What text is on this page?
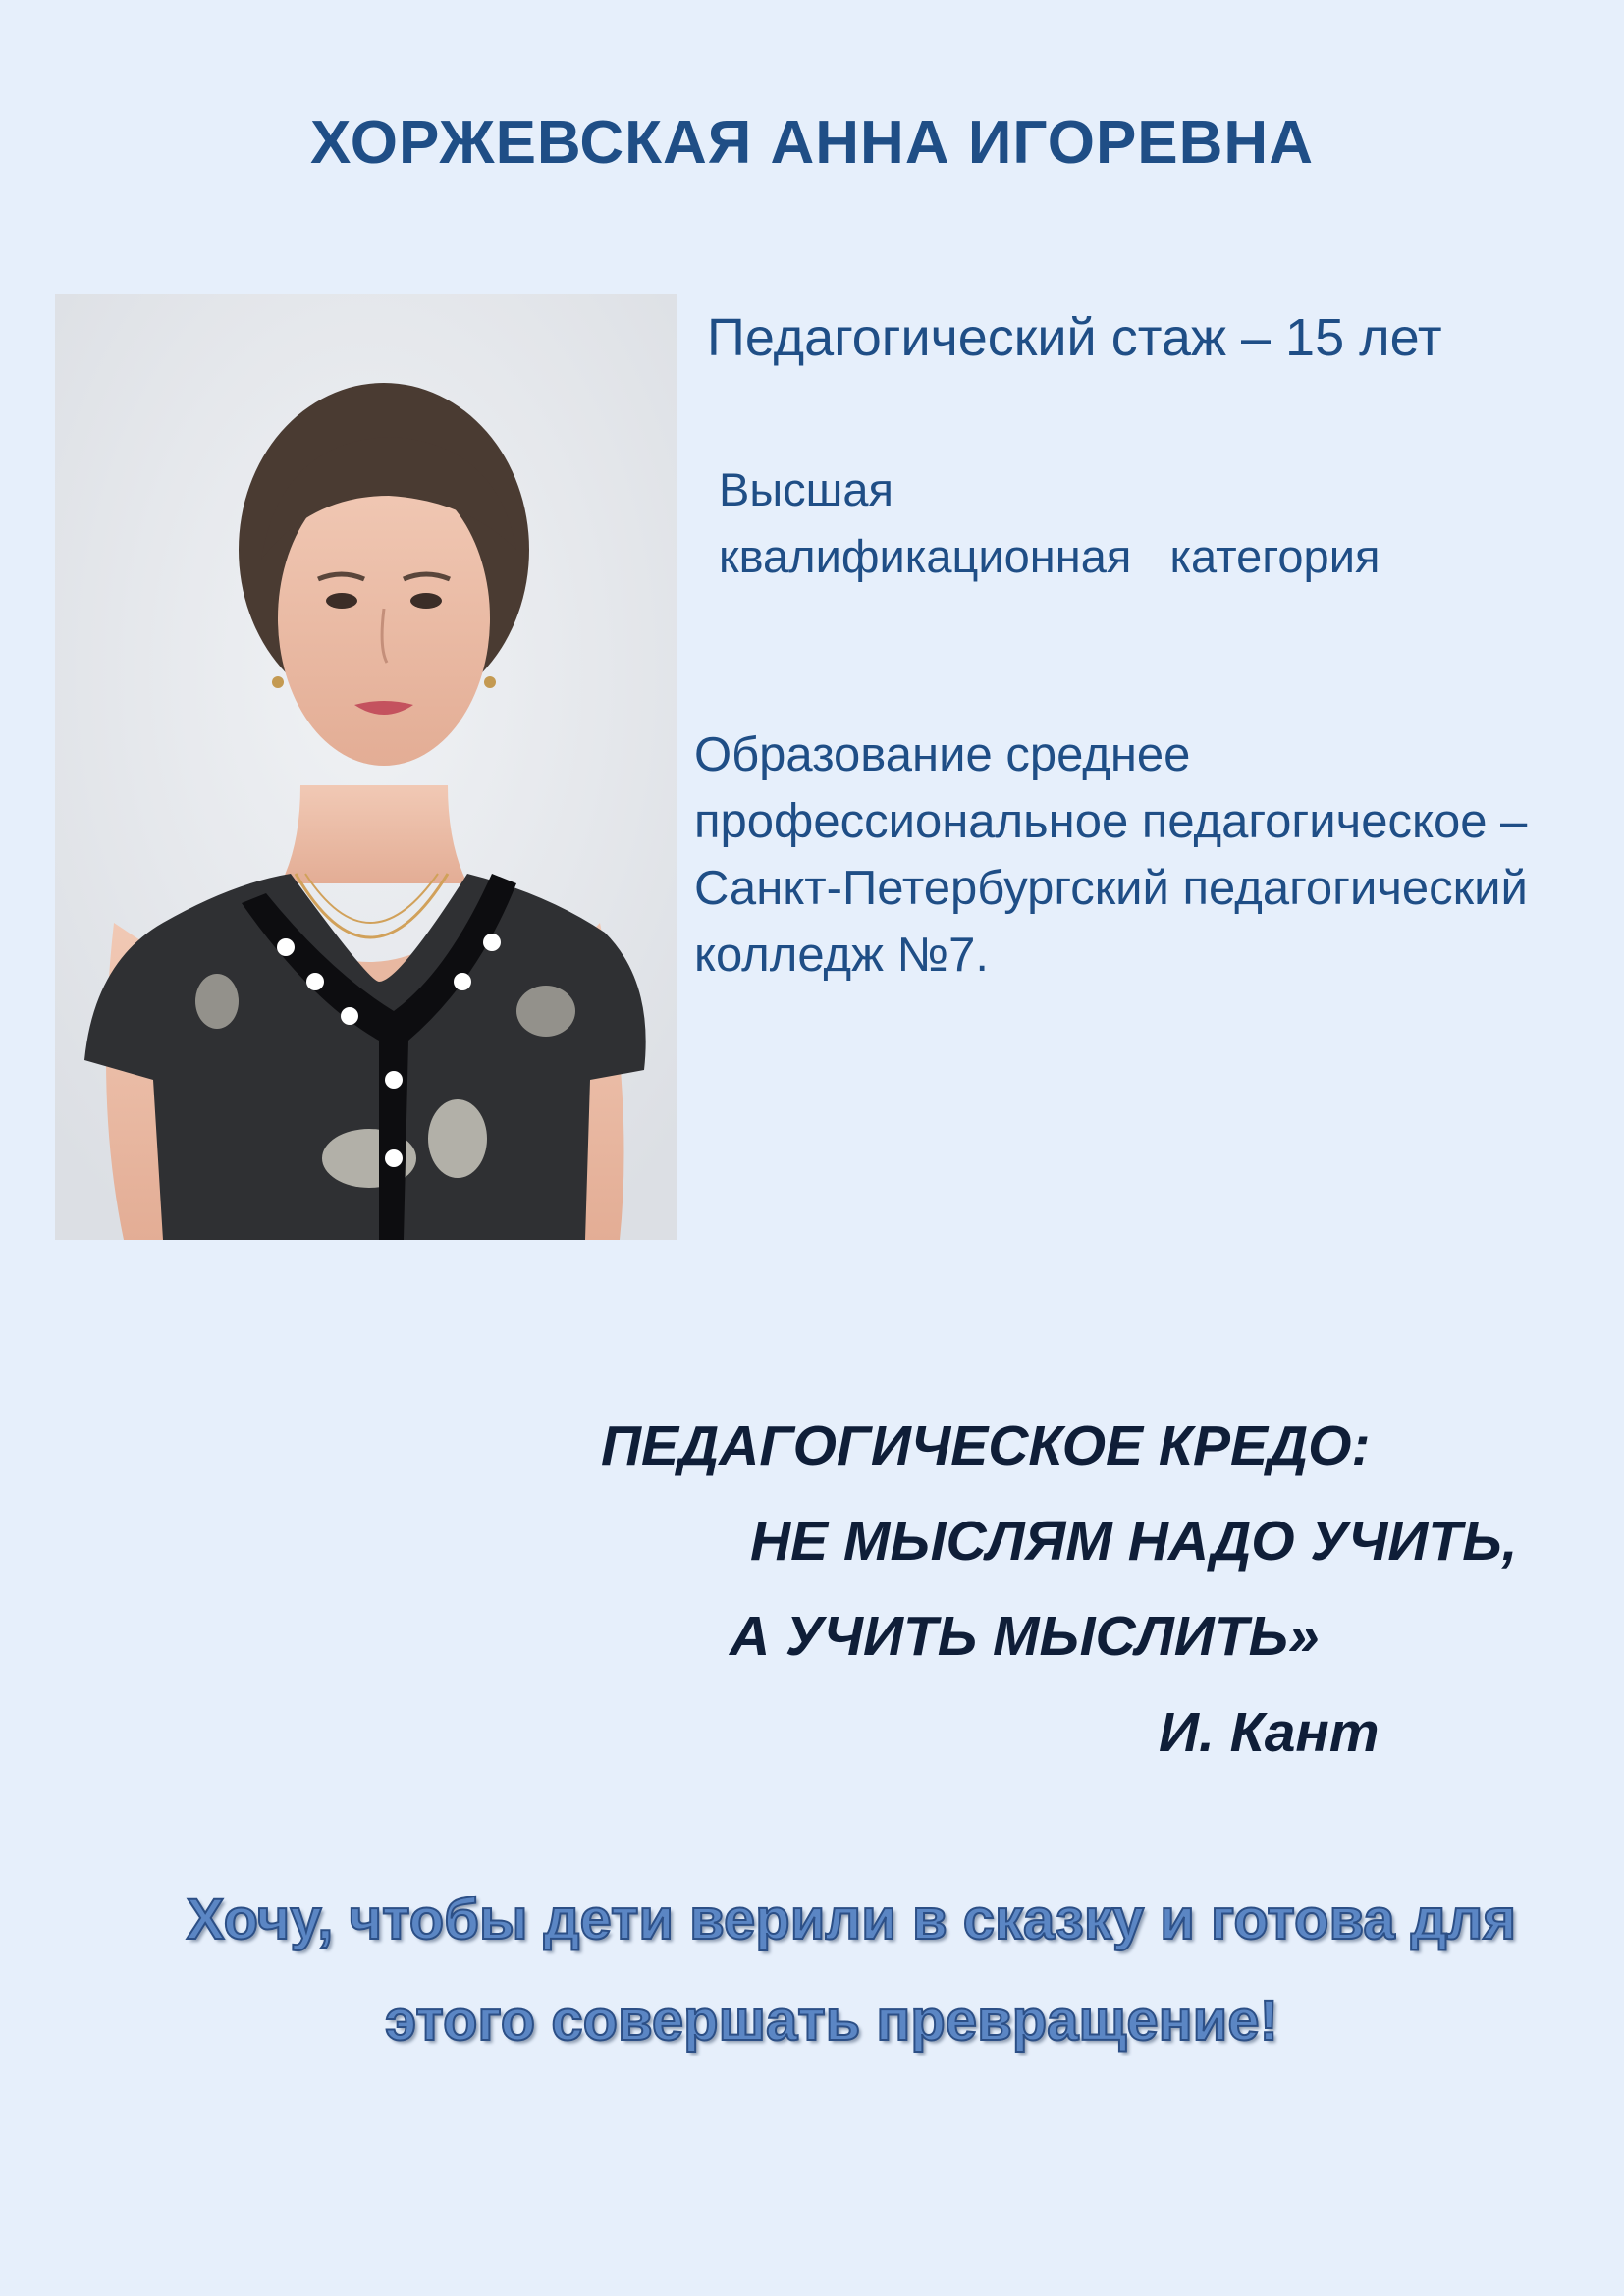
ХОРЖЕВСКАЯ АННА ИГОРЕВНА
Педагогический стаж – 15 лет
Высшая
квалификационная   категория
Образование среднее
профессиональное педагогическое –
Санкт-Петербургский педагогический
колледж №7.
ПЕДАГОГИЧЕСКОЕ КРЕДО:
НЕ МЫСЛЯМ НАДО УЧИТЬ,
А УЧИТЬ МЫСЛИТЬ»
И. Кант
Хочу, чтобы дети верили в сказку и готова для
этого совершать превращение!
